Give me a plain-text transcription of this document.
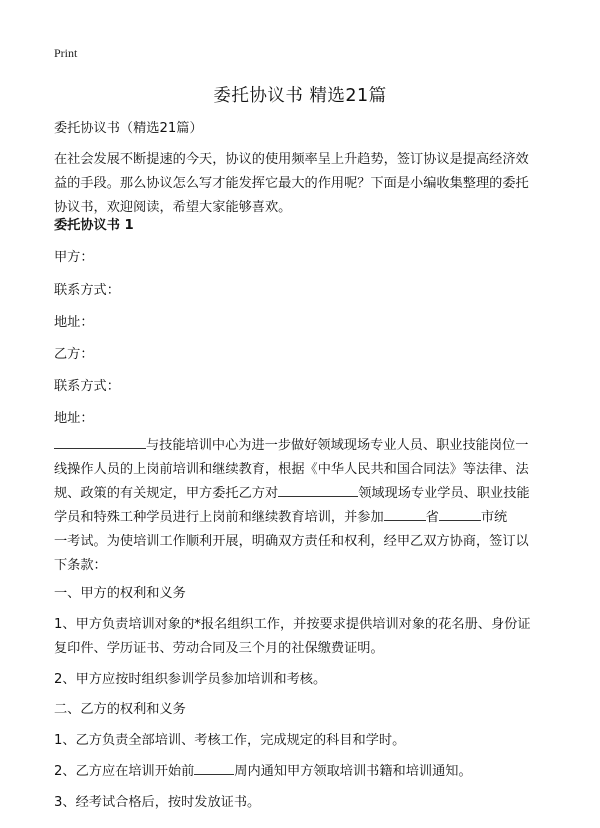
Print
委托协议书 精选21篇
委托协议书（精选21篇）
在社会发展不断提速的今天，协议的使用频率呈上升趋势，签订协议是提高经济效
益的手段。那么协议怎么写才能发挥它最大的作用呢？下面是小编收集整理的委托
协议书，欢迎阅读，希望大家能够喜欢。
委托协议书 1
甲方：
联系方式：
地址：
乙方：
联系方式：
地址：
与技能培训中心为进一步做好领域现场专业人员、职业技能岗位一
线操作人员的上岗前培训和继续教育，根据《中华人民共和国合同法》等法律、法
规、政策的有关规定，甲方委托乙方对	领域现场专业学员、职业技能
学员和特殊工种学员进行上岗前和继续教育培训，并参加	省	市统
一考试。为使培训工作顺利开展，明确双方责任和权利，经甲乙双方协商，签订以
下条款：
一、甲方的权利和义务
1、甲方负责培训对象的*报名组织工作，并按要求提供培训对象的花名册、身份证
复印件、学历证书、劳动合同及三个月的社保缴费证明。
2、甲方应按时组织参训学员参加培训和考核。
二、乙方的权利和义务
1、乙方负责全部培训、考核工作，完成规定的科目和学时。
2、乙方应在培训开始前	周内通知甲方领取培训书籍和培训通知。
3、经考试合格后，按时发放证书。
